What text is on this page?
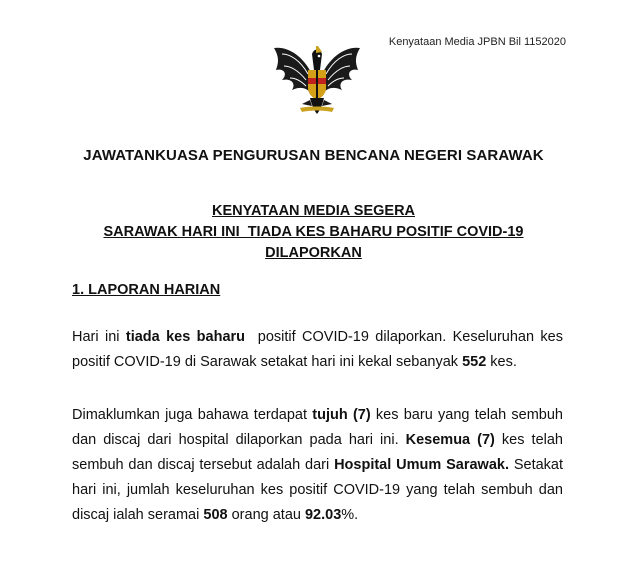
Kenyataan Media JPBN Bil 1152020
JAWATANKUASA PENGURUSAN BENCANA NEGERI SARAWAK
KENYATAAN MEDIA SEGERA
SARAWAK HARI INI  TIADA KES BAHARU POSITIF COVID-19
DILAPORKAN
1. LAPORAN HARIAN
Hari ini tiada kes baharu  positif COVID-19 dilaporkan. Keseluruhan kes positif COVID-19 di Sarawak setakat hari ini kekal sebanyak 552 kes.
Dimaklumkan juga bahawa terdapat tujuh (7) kes baru yang telah sembuh dan discaj dari hospital dilaporkan pada hari ini. Kesemua (7) kes telah sembuh dan discaj tersebut adalah dari Hospital Umum Sarawak. Setakat hari ini, jumlah keseluruhan kes positif COVID-19 yang telah sembuh dan discaj ialah seramai 508 orang atau 92.03%.
